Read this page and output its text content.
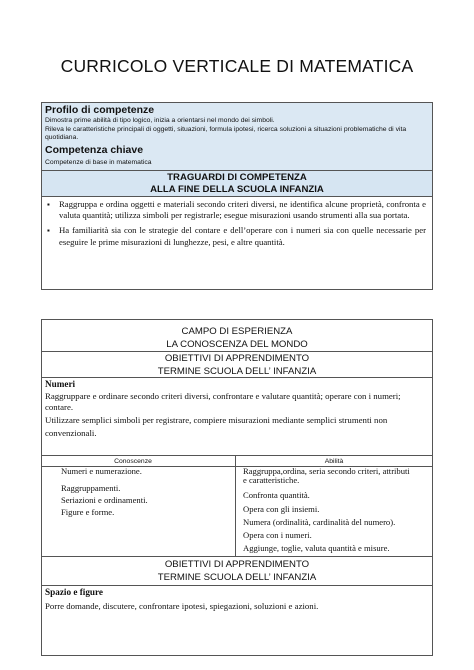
CURRICOLO VERTICALE DI MATEMATICA
Profilo di competenze
Dimostra prime abilità di tipo logico, inizia a orientarsi nel mondo dei simboli.
Rileva le caratteristiche principali di oggetti, situazioni, formula ipotesi, ricerca soluzioni a situazioni problematiche di vita quotidiana.
Competenza chiave
Competenze di base in matematica
TRAGUARDI DI COMPETENZA
ALLA FINE DELLA SCUOLA INFANZIA
▪ Raggruppa e ordina oggetti e materiali secondo criteri diversi, ne identifica alcune proprietà, confronta e valuta quantità; utilizza simboli per registrarle; esegue misurazioni usando strumenti alla sua portata.
▪ Ha familiarità sia con le strategie del contare e dell’operare con i numeri sia con quelle necessarie per eseguire le prime misurazioni di lunghezze, pesi, e altre quantità.
CAMPO DI ESPERIENZA
LA CONOSCENZA DEL MONDO
OBIETTIVI DI APPRENDIMENTO
TERMINE SCUOLA DELL’ INFANZIA
Numeri
Raggruppare e ordinare secondo criteri diversi, confrontare e valutare quantità; operare con i numeri; contare.
Utilizzare semplici simboli per registrare, compiere misurazioni mediante semplici strumenti non convenzionali.
Conoscenze	Abilità
Numeri e numerazione.
Raggruppamenti.
Seriazioni e ordinamenti.
Figure e forme.
Raggruppa,ordina, seria secondo criteri, attributi
e caratteristiche.
Confronta quantità.
Opera con gli insiemi.
Numera (ordinalità, cardinalità del numero).
Opera con i numeri.
Aggiunge, toglie, valuta quantità e misure.
OBIETTIVI DI APPRENDIMENTO
TERMINE SCUOLA DELL’ INFANZIA
Spazio e figure
Porre domande, discutere, confrontare ipotesi, spiegazioni, soluzioni e azioni.
